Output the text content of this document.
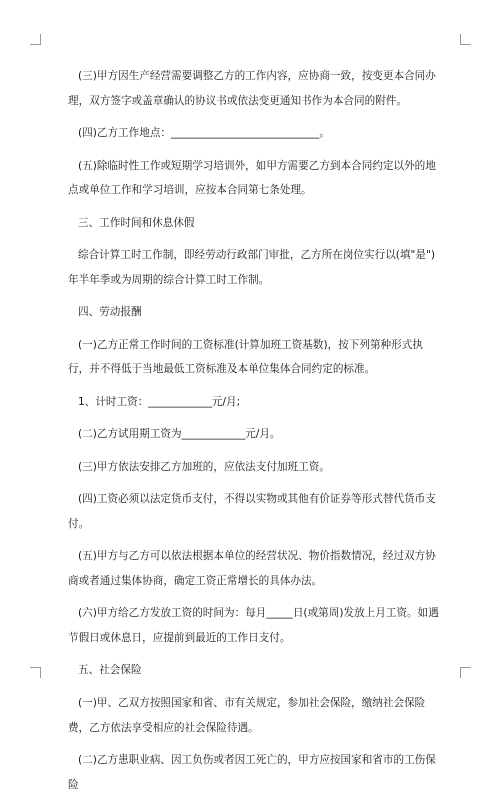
(三)甲方因生产经营需要调整乙方的工作内容，应协商一致，按变更本合同办理，双方签字或盖章确认的协议书或依法变更通知书作为本合同的附件。

(四)乙方工作地点：____________________________。

(五)除临时性工作或短期学习培训外，如甲方需要乙方到本合同约定以外的地点或单位工作和学习培训，应按本合同第七条处理。

三、工作时间和休息休假

综合计算工时工作制，即经劳动行政部门审批，乙方所在岗位实行以(填"是")年半年季或为周期的综合计算工时工作制。

四、劳动报酬

(一)乙方正常工作时间的工资标准(计算加班工资基数)，按下列第种形式执行，并不得低于当地最低工资标准及本单位集体合同约定的标准。

1、计时工资：____________元/月;

(二)乙方试用期工资为____________元/月。

(三)甲方依法安排乙方加班的，应依法支付加班工资。

(四)工资必须以法定货币支付，不得以实物或其他有价证券等形式替代货币支付。

(五)甲方与乙方可以依法根据本单位的经营状况、物价指数情况，经过双方协商或者通过集体协商，确定工资正常增长的具体办法。

(六)甲方给乙方发放工资的时间为：每月_____日(或第周)发放上月工资。如遇节假日或休息日，应提前到最近的工作日支付。

五、社会保险

(一)甲、乙双方按照国家和省、市有关规定，参加社会保险，缴纳社会保险费，乙方依法享受相应的社会保险待遇。

(二)乙方患职业病、因工负伤或者因工死亡的，甲方应按国家和省市的工伤保险
